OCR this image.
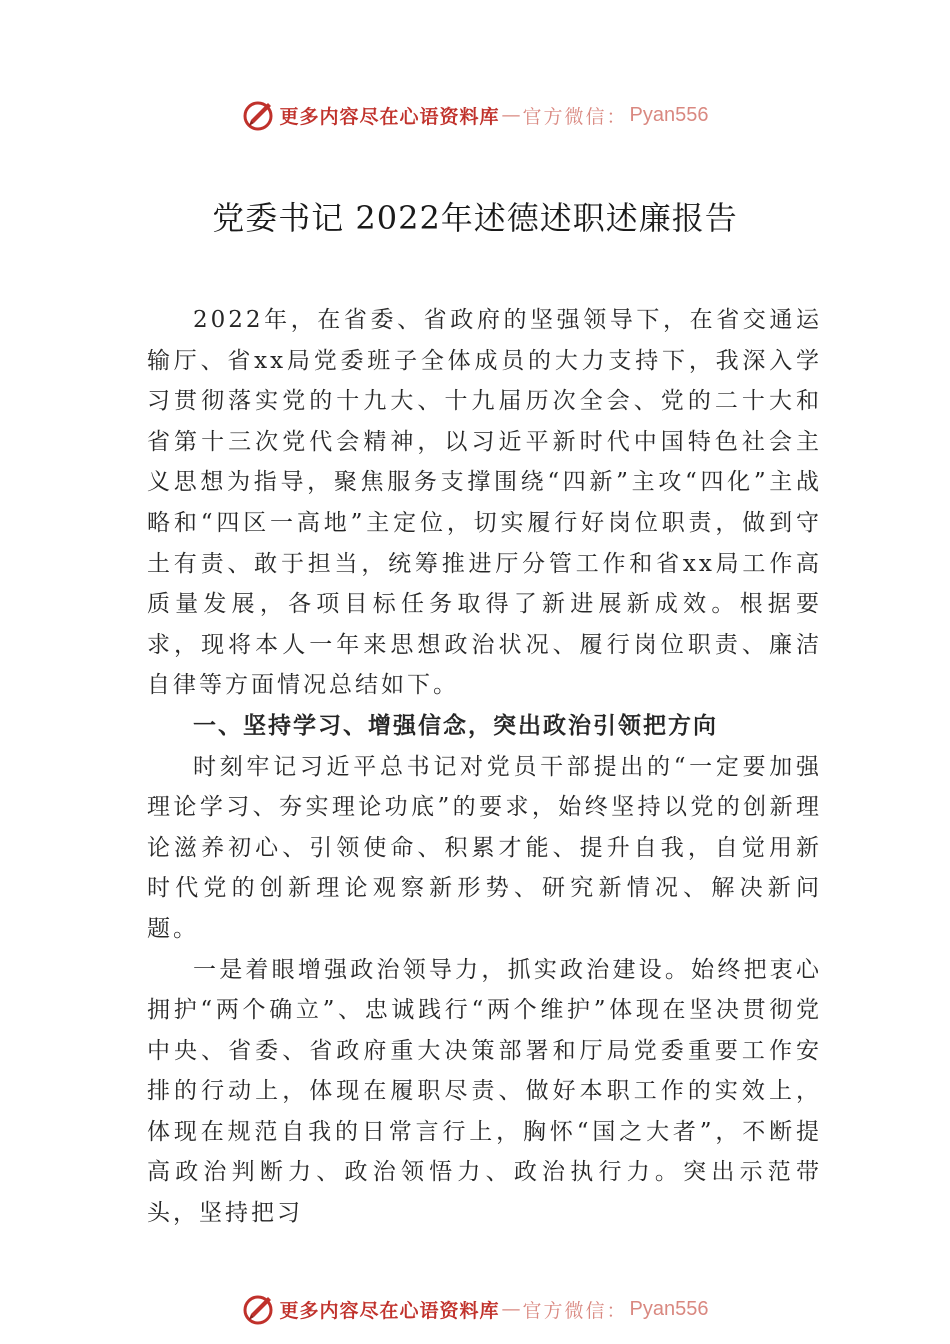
更多内容尽在心语资料库 — 官方微信： Pyan556
党委书记 2022年述德述职述廉报告

2022年，在省委、省政府的坚强领导下，在省交通运输厅、省xx局党委班子全体成员的大力支持下，我深入学习贯彻落实党的十九大、十九届历次全会、党的二十大和省第十三次党代会精神，以习近平新时代中国特色社会主义思想为指导，聚焦服务支撑围绕“四新”主攻“四化”主战略和“四区一高地”主定位，切实履行好岗位职责，做到守土有责、敢于担当，统筹推进厅分管工作和省xx局工作高质量发展，各项目标任务取得了新进展新成效。根据要求，现将本人一年来思想政治状况、履行岗位职责、廉洁自律等方面情况总结如下。

一、坚持学习、增强信念，突出政治引领把方向

时刻牢记习近平总书记对党员干部提出的“一定要加强理论学习、夯实理论功底”的要求，始终坚持以党的创新理论滋养初心、引领使命、积累才能、提升自我，自觉用新时代党的创新理论观察新形势、研究新情况、解决新问题。

一是着眼增强政治领导力，抓实政治建设。始终把衷心拥护“两个确立”、忠诚践行“两个维护”体现在坚决贯彻党中央、省委、省政府重大决策部署和厅局党委重要工作安排的行动上，体现在履职尽责、做好本职工作的实效上，体现在规范自我的日常言行上，胸怀“国之大者”，不断提高政治判断力、政治领悟力、政治执行力。突出示范带头，坚持把习

更多内容尽在心语资料库 — 官方微信： Pyan556
